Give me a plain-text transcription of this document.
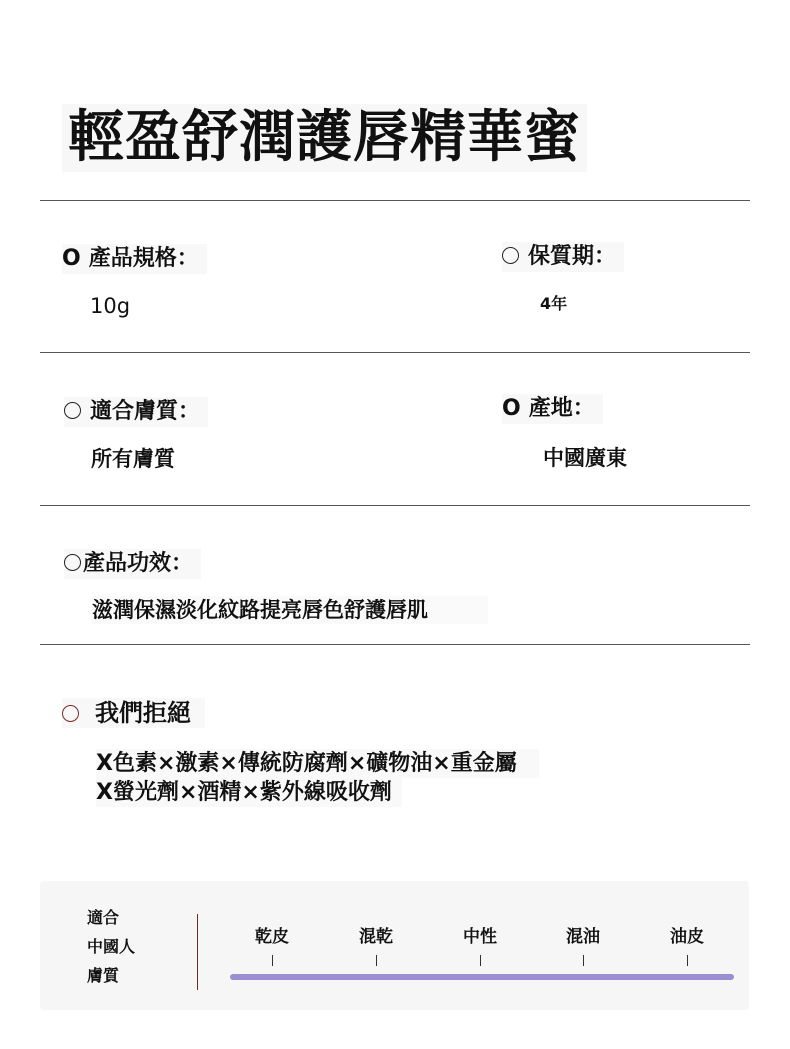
輕盈舒潤護唇精華蜜
O 產品規格：
10g
保質期：
4年
適合膚質：
所有膚質
O 產地：
中國廣東
產品功效：
滋潤保濕淡化紋路提亮唇色舒護唇肌
我們拒絕
X色素×激素×傳統防腐劑×礦物油×重金屬
X螢光劑×酒精×紫外線吸收劑
適合
中國人
膚質
乾皮	混乾	中性	混油	油皮
